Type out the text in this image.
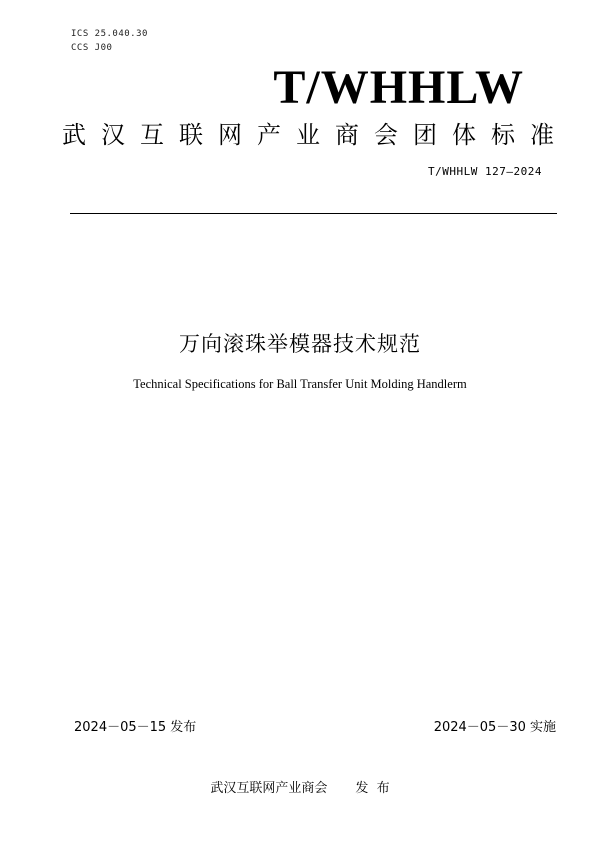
ICS 25.040.30
CCS J00
T/WHHLW
武 汉 互 联 网 产 业 商 会 团 体 标 准
T/WHHLW 127—2024
万向滚珠举模器技术规范
Technical Specifications for Ball Transfer Unit Molding Handlerm
2024－05－15 发布	2024－05－30 实施
武汉互联网产业商会 发  布
